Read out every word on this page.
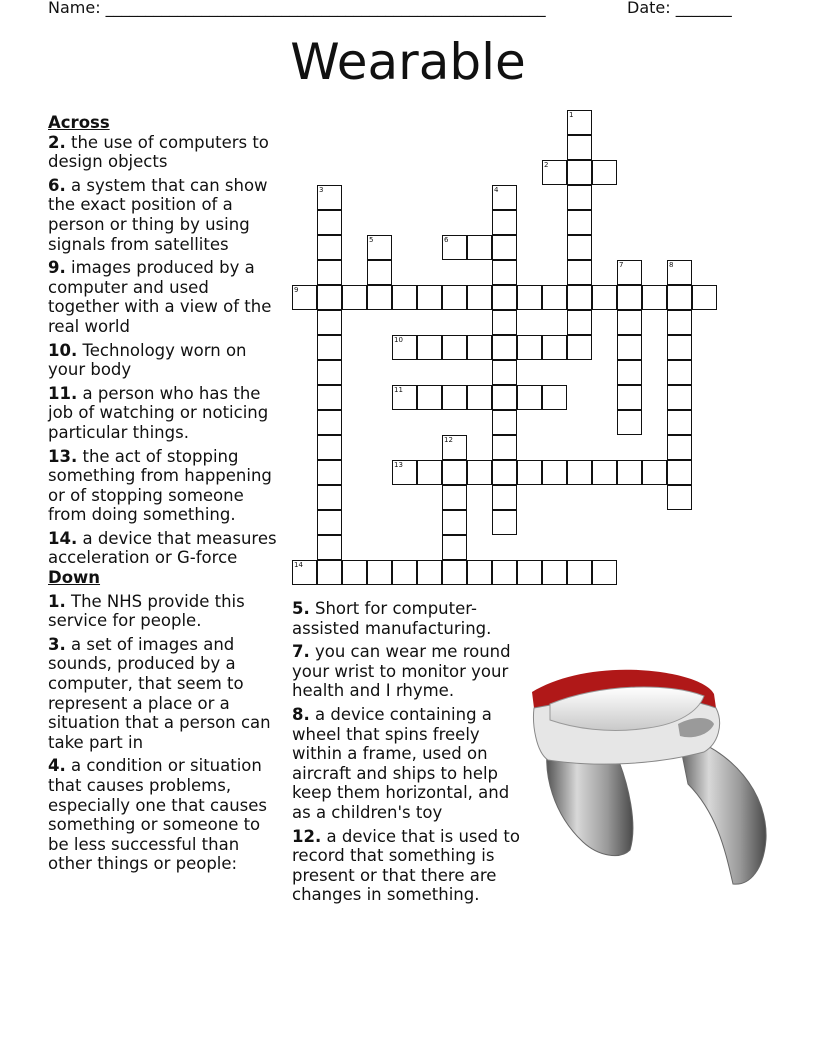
Name: _______________________________________________________	Date: _______
Wearable
Across
2. the use of computers to design objects
6. a system that can show the exact position of a person or thing by using signals from satellites
9. images produced by a computer and used together with a view of the real world
10. Technology worn on your body
11. a person who has the job of watching or noticing particular things.
13. the act of stopping something from happening or of stopping someone from doing something.
14. a device that measures acceleration or G-force
Down
1. The NHS provide this service for people.
3. a set of images and sounds, produced by a computer, that seem to represent a place or a situation that a person can take part in
4. a condition or situation that causes problems, especially one that causes something or someone to be less successful than other things or people:
5. Short for computer-assisted manufacturing.
7. you can wear me round your wrist to monitor your health and I rhyme.
8. a device containing a wheel that spins freely within a frame, used on aircraft and ships to help keep them horizontal, and as a children's toy
12. a device that is used to record that something is present or that there are changes in something.
1
2
3	4
5	6
7	8
9
10
11
12
13
14
